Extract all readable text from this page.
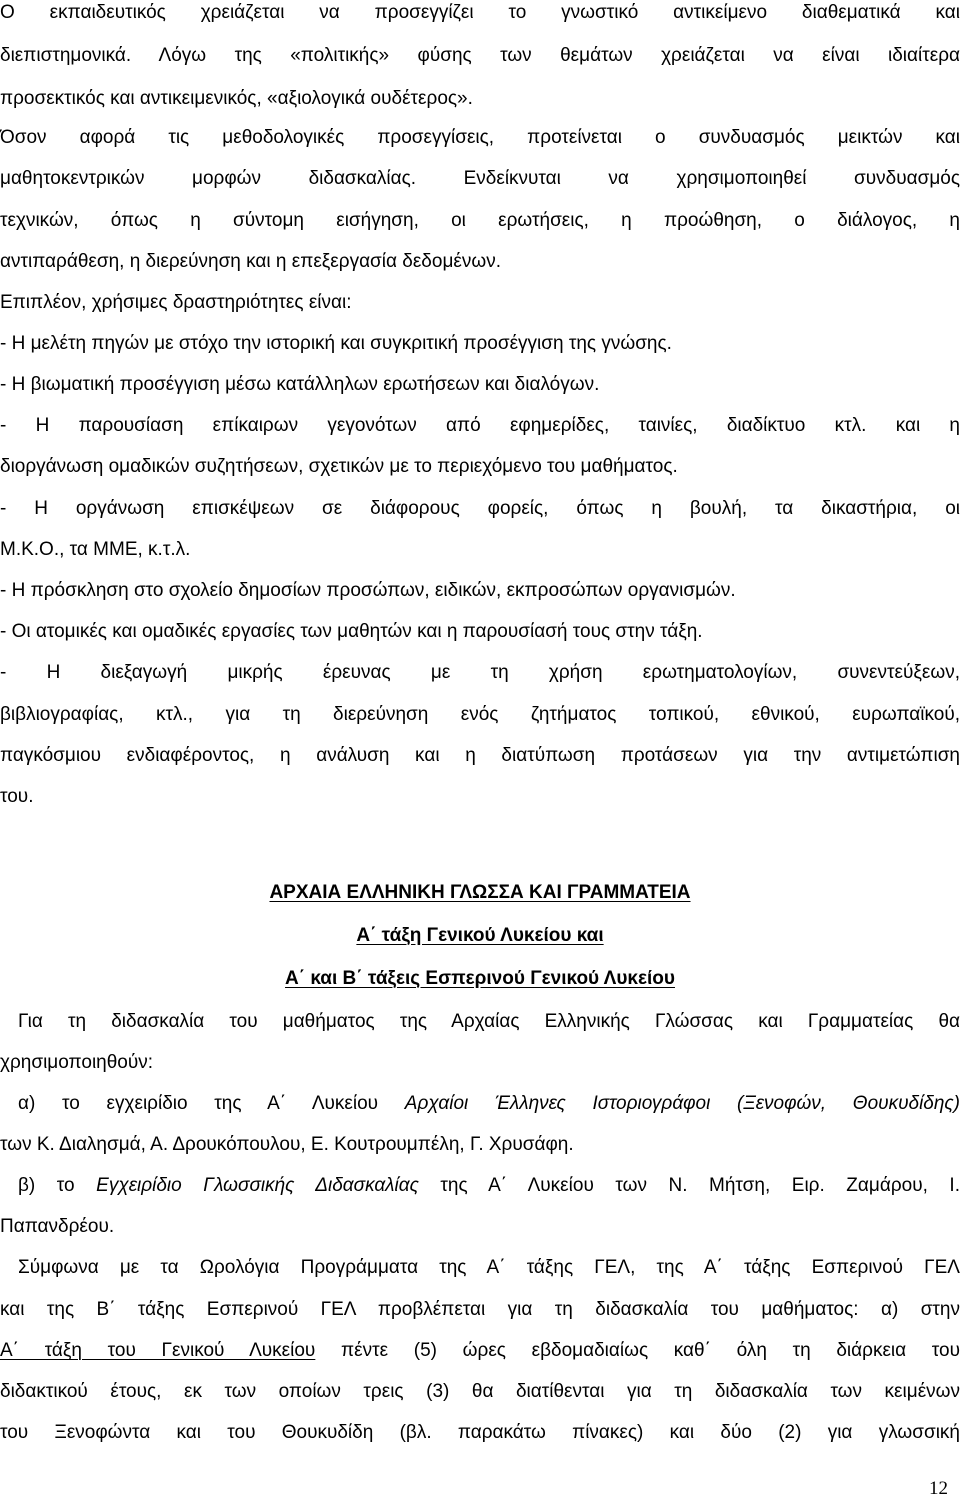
Ο εκπαιδευτικός χρειάζεται να προσεγγίζει το γνωστικό αντικείμενο διαθεματικά και

διεπιστημονικά. Λόγω της «πολιτικής» φύσης των θεμάτων χρειάζεται να είναι ιδιαίτερα

προσεκτικός και αντικειμενικός, «αξιολογικά ουδέτερος».

Όσον αφορά τις μεθοδολογικές προσεγγίσεις, προτείνεται ο συνδυασμός μεικτών και

μαθητοκεντρικών μορφών διδασκαλίας. Ενδείκνυται να χρησιμοποιηθεί συνδυασμός

τεχνικών, όπως η σύντομη εισήγηση, οι ερωτήσεις, η προώθηση, ο διάλογος, η

αντιπαράθεση, η διερεύνηση και η επεξεργασία δεδομένων.

Επιπλέον, χρήσιμες δραστηριότητες είναι:

- Η μελέτη πηγών με στόχο την ιστορική και συγκριτική προσέγγιση της γνώσης.

- Η βιωματική προσέγγιση μέσω κατάλληλων ερωτήσεων και διαλόγων.

- Η παρουσίαση επίκαιρων γεγονότων από εφημερίδες, ταινίες, διαδίκτυο κτλ. και η

διοργάνωση ομαδικών συζητήσεων, σχετικών με το περιεχόμενο του μαθήματος.

- Η οργάνωση επισκέψεων σε διάφορους φορείς, όπως η βουλή, τα δικαστήρια, οι

Μ.Κ.Ο., τα ΜΜΕ, κ.τ.λ.

- Η πρόσκληση στο σχολείο δημοσίων προσώπων, ειδικών, εκπροσώπων οργανισμών.

- Οι ατομικές και ομαδικές εργασίες των μαθητών και η παρουσίασή τους στην τάξη.

- Η διεξαγωγή μικρής έρευνας με τη χρήση ερωτηματολογίων, συνεντεύξεων,

βιβλιογραφίας, κτλ., για τη διερεύνηση ενός ζητήματος τοπικού, εθνικού, ευρωπαϊκού,

παγκόσμιου ενδιαφέροντος, η ανάλυση και η διατύπωση προτάσεων για την αντιμετώπιση

του.

ΑΡΧΑΙΑ ΕΛΛΗΝΙΚΗ ΓΛΩΣΣΑ ΚΑΙ ΓΡΑΜΜΑΤΕΙΑ
Α΄ τάξη Γενικού Λυκείου και
Α΄ και Β΄ τάξεις Εσπερινού Γενικού Λυκείου

Για τη διδασκαλία του μαθήματος της Αρχαίας Ελληνικής Γλώσσας και Γραμματείας θα

χρησιμοποιηθούν:

α) το εγχειρίδιο της Α΄ Λυκείου Αρχαίοι Έλληνες Ιστοριογράφοι (Ξενοφών, Θουκυδίδης)

των Κ. Διαλησμά, Α. Δρουκόπουλου, Ε. Κουτρουμπέλη, Γ. Χρυσάφη.

β) το Εγχειρίδιο Γλωσσικής Διδασκαλίας της Α΄ Λυκείου των Ν. Μήτση, Ειρ. Ζαμάρου, Ι.

Παπανδρέου.

Σύμφωνα με τα Ωρολόγια Προγράμματα της Α΄ τάξης ΓΕΛ, της Α΄ τάξης Εσπερινού ΓΕΛ

και της Β΄ τάξης Εσπερινού ΓΕΛ προβλέπεται για τη διδασκαλία του μαθήματος: α) στην

Α΄ τάξη του Γενικού Λυκείου πέντε (5) ώρες εβδομαδιαίως καθ΄ όλη τη διάρκεια του

διδακτικού έτους, εκ των οποίων τρεις (3) θα διατίθενται για τη διδασκαλία των κειμένων

του Ξενοφώντα και του Θουκυδίδη (βλ. παρακάτω πίνακες) και δύο (2) για γλωσσική

12
